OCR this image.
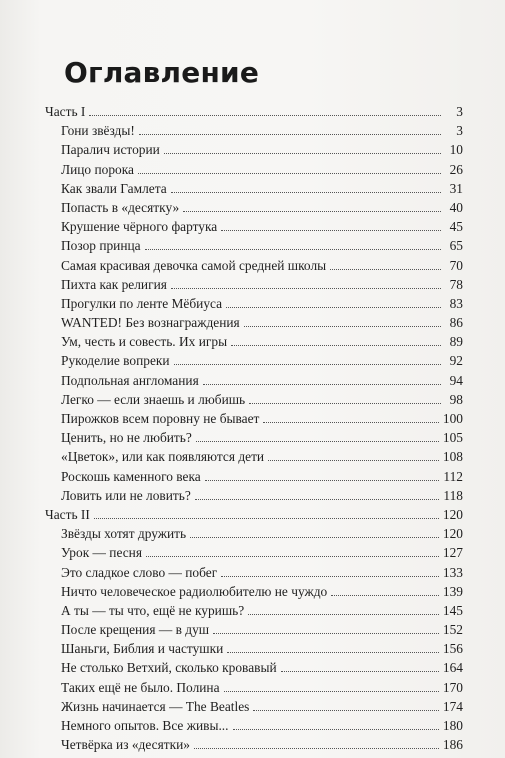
Оглавление
Часть I	3
Гони звёзды!	3
Паралич истории	10
Лицо порока	26
Как звали Гамлета	31
Попасть в «десятку»	40
Крушение чёрного фартука	45
Позор принца	65
Самая красивая девочка самой средней школы	70
Пихта как религия	78
Прогулки по ленте Мёбиуса	83
WANTED! Без вознаграждения	86
Ум, честь и совесть. Их игры	89
Рукоделие вопреки	92
Подпольная англомания	94
Легко — если знаешь и любишь	98
Пирожков всем поровну не бывает	100
Ценить, но не любить?	105
«Цветок», или как появляются дети	108
Роскошь каменного века	112
Ловить или не ловить?	118
Часть II	120
Звёзды хотят дружить	120
Урок — песня	127
Это сладкое слово — побег	133
Ничто человеческое радиолюбителю не чуждо	139
А ты — ты что, ещё не куришь?	145
После крещения — в душ	152
Шаньги, Библия и частушки	156
Не столько Ветхий, сколько кровавый	164
Таких ещё не было. Полина	170
Жизнь начинается — The Beatles	174
Немного опытов. Все живы...	180
Четвёрка из «десятки»	186
